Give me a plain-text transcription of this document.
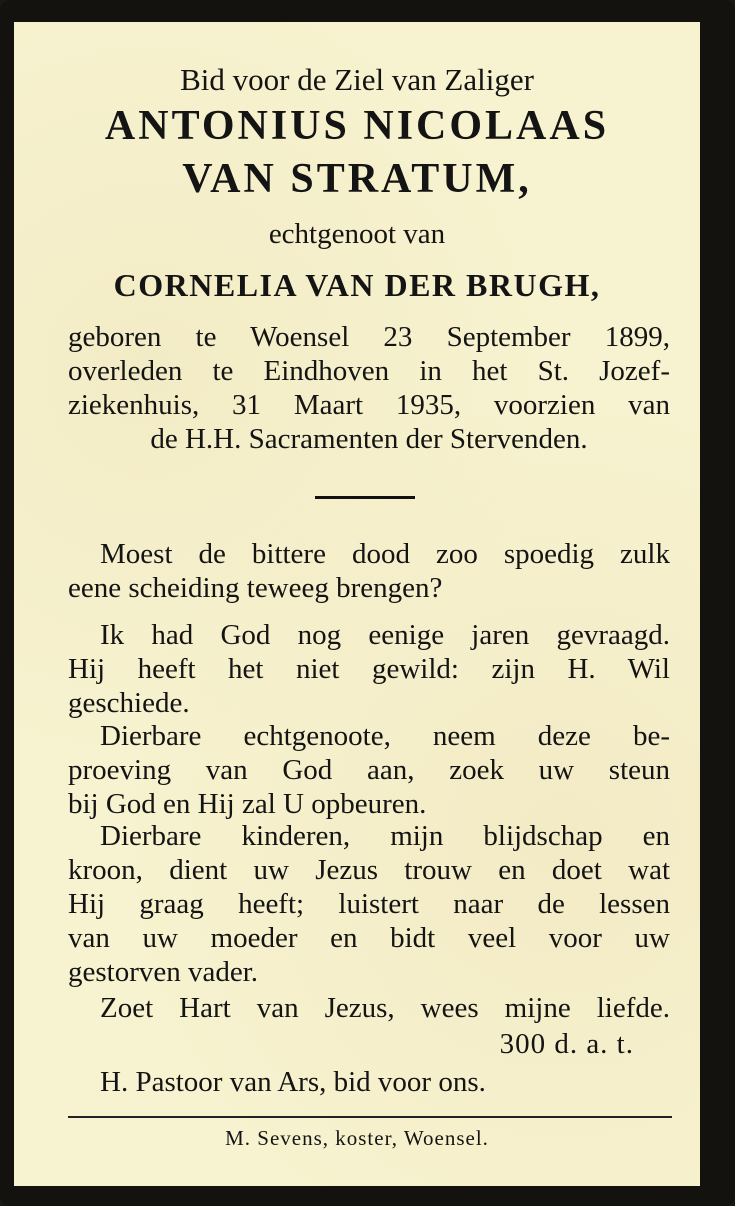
Bid voor de Ziel van Zaliger
ANTONIUS NICOLAAS
VAN STRATUM,
echtgenoot van
CORNELIA VAN DER BRUGH,
geboren te Woensel 23 September 1899,
overleden te Eindhoven in het St. Jozef-
ziekenhuis, 31 Maart 1935, voorzien van
de H.H. Sacramenten der Stervenden.
Moest de bittere dood zoo spoedig zulk
eene scheiding teweeg brengen?
Ik had God nog eenige jaren gevraagd.
Hij heeft het niet gewild: zijn H. Wil
geschiede.
Dierbare echtgenoote, neem deze be-
proeving van God aan, zoek uw steun
bij God en Hij zal U opbeuren.
Dierbare kinderen, mijn blijdschap en
kroon, dient uw Jezus trouw en doet wat
Hij graag heeft; luistert naar de lessen
van uw moeder en bidt veel voor uw
gestorven vader.
Zoet Hart van Jezus, wees mijne liefde.
300 d. a. t.
H. Pastoor van Ars, bid voor ons.
M. Sevens, koster, Woensel.
